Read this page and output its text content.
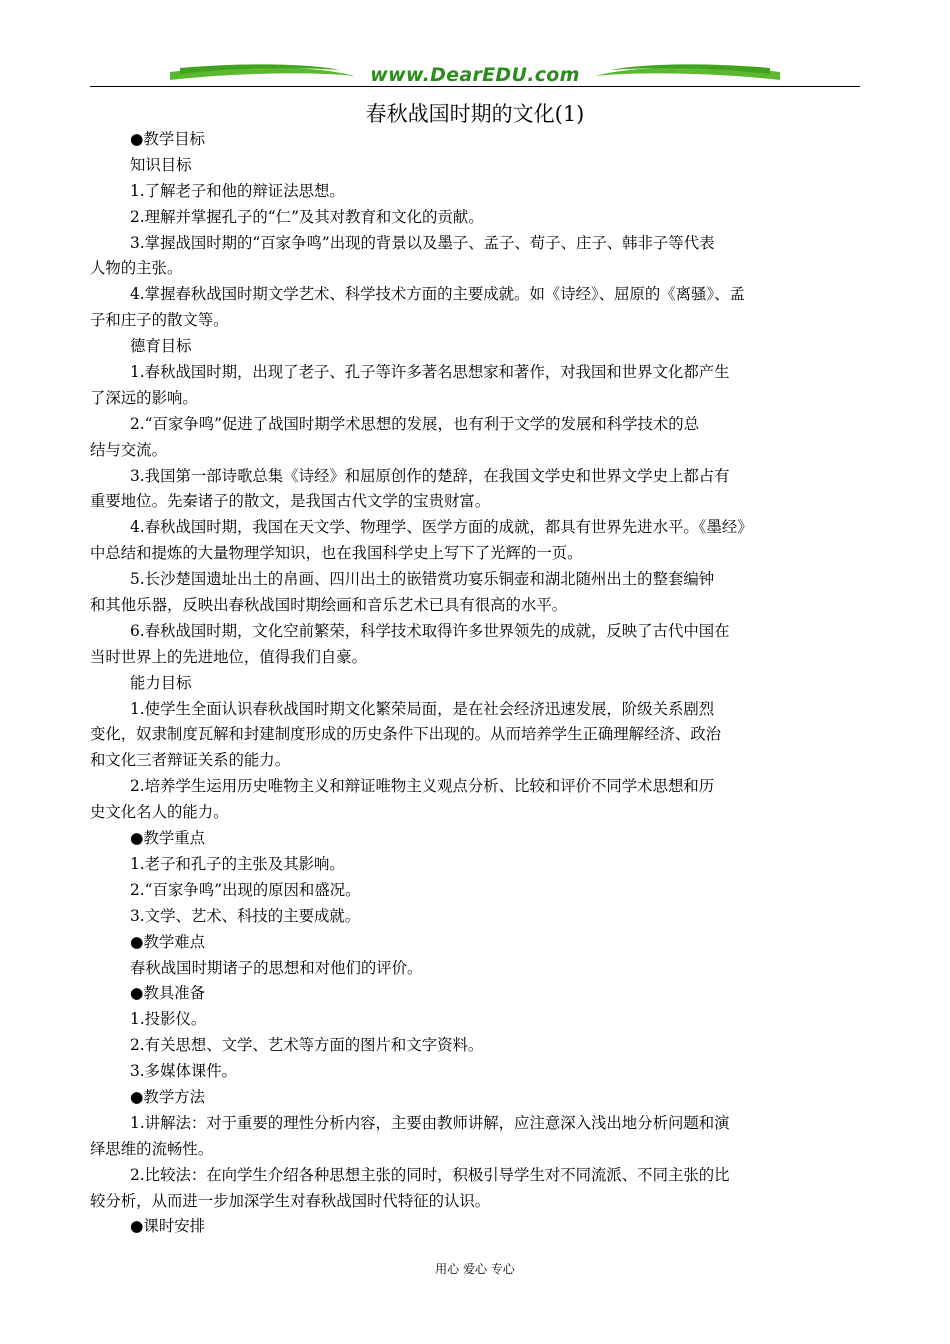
www.DearEDU.com
春秋战国时期的文化(1)
●教学目标
知识目标
1.了解老子和他的辩证法思想。
2.理解并掌握孔子的“仁”及其对教育和文化的贡献。
3.掌握战国时期的“百家争鸣”出现的背景以及墨子、孟子、荀子、庄子、韩非子等代表
人物的主张。
4.掌握春秋战国时期文学艺术、科学技术方面的主要成就。如《诗经》、屈原的《离骚》、孟
子和庄子的散文等。
德育目标
1.春秋战国时期，出现了老子、孔子等许多著名思想家和著作，对我国和世界文化都产生
了深远的影响。
2.“百家争鸣”促进了战国时期学术思想的发展，也有利于文学的发展和科学技术的总
结与交流。
3.我国第一部诗歌总集《诗经》和屈原创作的楚辞，在我国文学史和世界文学史上都占有
重要地位。先秦诸子的散文，是我国古代文学的宝贵财富。
4.春秋战国时期，我国在天文学、物理学、医学方面的成就，都具有世界先进水平。《墨经》
中总结和提炼的大量物理学知识，也在我国科学史上写下了光辉的一页。
5.长沙楚国遗址出土的帛画、四川出土的嵌错赏功宴乐铜壶和湖北随州出土的整套编钟
和其他乐器，反映出春秋战国时期绘画和音乐艺术已具有很高的水平。
6.春秋战国时期，文化空前繁荣，科学技术取得许多世界领先的成就，反映了古代中国在
当时世界上的先进地位，值得我们自豪。
能力目标
1.使学生全面认识春秋战国时期文化繁荣局面，是在社会经济迅速发展，阶级关系剧烈
变化，奴隶制度瓦解和封建制度形成的历史条件下出现的。从而培养学生正确理解经济、政治
和文化三者辩证关系的能力。
2.培养学生运用历史唯物主义和辩证唯物主义观点分析、比较和评价不同学术思想和历
史文化名人的能力。
●教学重点
1.老子和孔子的主张及其影响。
2.“百家争鸣”出现的原因和盛况。
3.文学、艺术、科技的主要成就。
●教学难点
春秋战国时期诸子的思想和对他们的评价。
●教具准备
1.投影仪。
2.有关思想、文学、艺术等方面的图片和文字资料。
3.多媒体课件。
●教学方法
1.讲解法：对于重要的理性分析内容，主要由教师讲解，应注意深入浅出地分析问题和演
绎思维的流畅性。
2.比较法：在向学生介绍各种思想主张的同时，积极引导学生对不同流派、不同主张的比
较分析，从而进一步加深学生对春秋战国时代特征的认识。
●课时安排
用心 爱心 专心
